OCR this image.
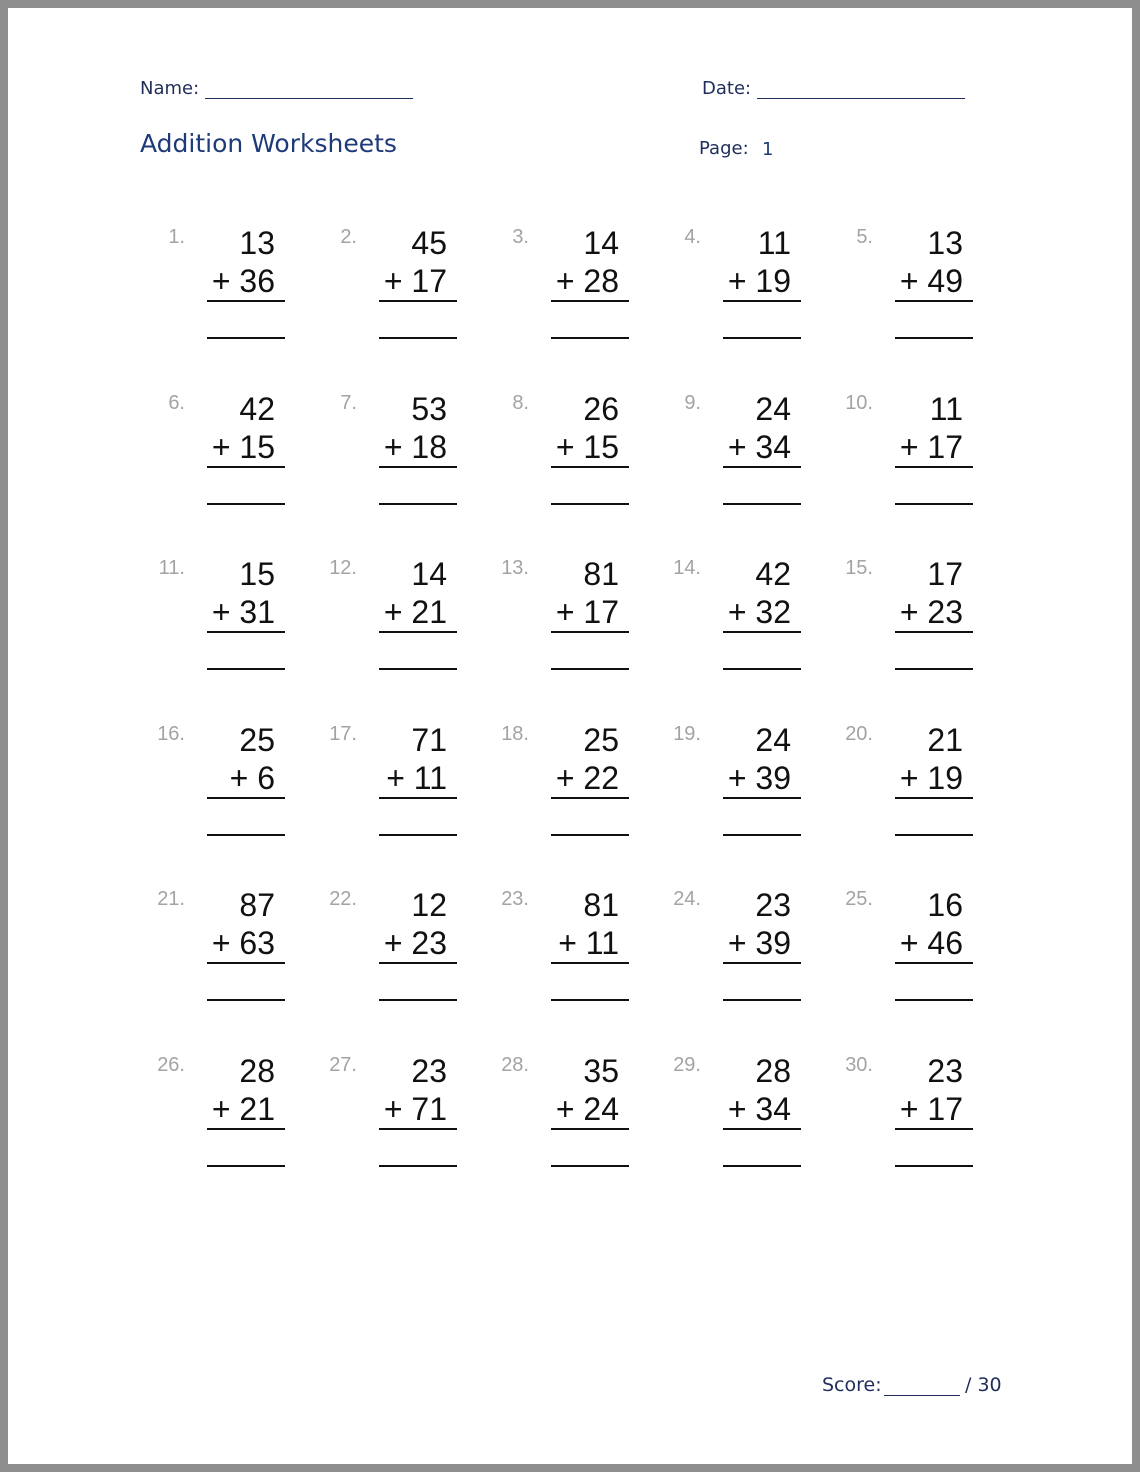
Name:	Date:
Addition Worksheets	Page: 1
1. 13
+ 36
2. 45
+ 17
3. 14
+ 28
4. 11
+ 19
5. 13
+ 49
6. 42
+ 15
7. 53
+ 18
8. 26
+ 15
9. 24
+ 34
10. 11
+ 17
11. 15
+ 31
12. 14
+ 21
13. 81
+ 17
14. 42
+ 32
15. 17
+ 23
16. 25
+ 6
17. 71
+ 11
18. 25
+ 22
19. 24
+ 39
20. 21
+ 19
21. 87
+ 63
22. 12
+ 23
23. 81
+ 11
24. 23
+ 39
25. 16
+ 46
26. 28
+ 21
27. 23
+ 71
28. 35
+ 24
29. 28
+ 34
30. 23
+ 17
Score:	/ 30
